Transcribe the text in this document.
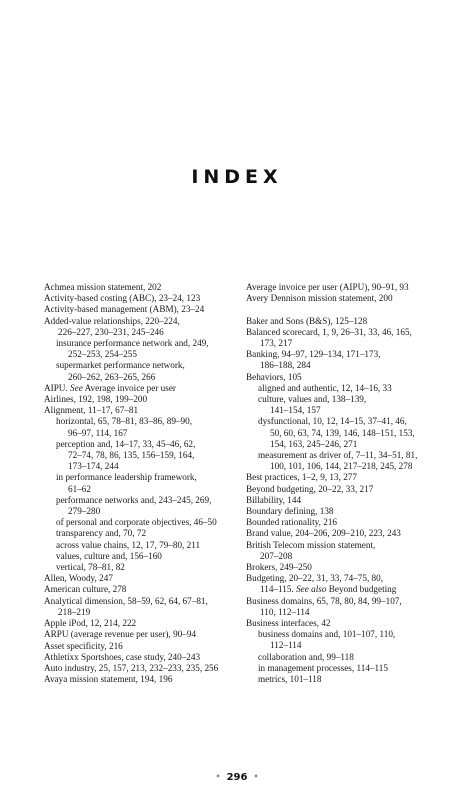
INDEX
Achmea mission statement, 202
Activity-based costing (ABC), 23–24, 123
Activity-based management (ABM), 23–24
Added-value relationships, 220–224,
226–227, 230–231, 245–246
insurance performance network and, 249,
252–253, 254–255
supermarket performance network,
260–262, 263–265, 266
AIPU. See Average invoice per user
Airlines, 192, 198, 199–200
Alignment, 11–17, 67–81
horizontal, 65, 78–81, 83–86, 89–90,
96–97, 114, 167
perception and, 14–17, 33, 45–46, 62,
72–74, 78, 86, 135, 156–159, 164,
173–174, 244
in performance leadership framework,
61–62
performance networks and, 243–245, 269,
279–280
of personal and corporate objectives, 46–50
transparency and, 70, 72
across value chains, 12, 17, 79–80, 211
values, culture and, 156–160
vertical, 78–81, 82
Allen, Woody, 247
American culture, 278
Analytical dimension, 58–59, 62, 64, 67–81,
218–219
Apple iPod, 12, 214, 222
ARPU (average revenue per user), 90–94
Asset specificity, 216
Athletixx Sportshoes, case study, 240–243
Auto industry, 25, 157, 213, 232–233, 235, 256
Avaya mission statement, 194, 196
Average invoice per user (AIPU), 90–91, 93
Avery Dennison mission statement, 200
Baker and Sons (B&S), 125–128
Balanced scorecard, 1, 9, 26–31, 33, 46, 165,
173, 217
Banking, 94–97, 129–134, 171–173,
186–188, 284
Behaviors, 105
aligned and authentic, 12, 14–16, 33
culture, values and, 138–139,
141–154, 157
dysfunctional, 10, 12, 14–15, 37–41, 46,
50, 60, 63, 74, 139, 146, 148–151, 153,
154, 163, 245–246, 271
measurement as driver of, 7–11, 34–51, 81,
100, 101, 106, 144, 217–218, 245, 278
Best practices, 1–2, 9, 13, 277
Beyond budgeting, 20–22, 33, 217
Billability, 144
Boundary defining, 138
Bounded rationality, 216
Brand value, 204–206, 209–210, 223, 243
British Telecom mission statement,
207–208
Brokers, 249–250
Budgeting, 20–22, 31, 33, 74–75, 80,
114–115. See also Beyond budgeting
Business domains, 65, 78, 80, 84, 99–107,
110, 112–114
Business interfaces, 42
business domains and, 101–107, 110,
112–114
collaboration and, 99–118
in management processes, 114–115
metrics, 101–118
• 296 •
